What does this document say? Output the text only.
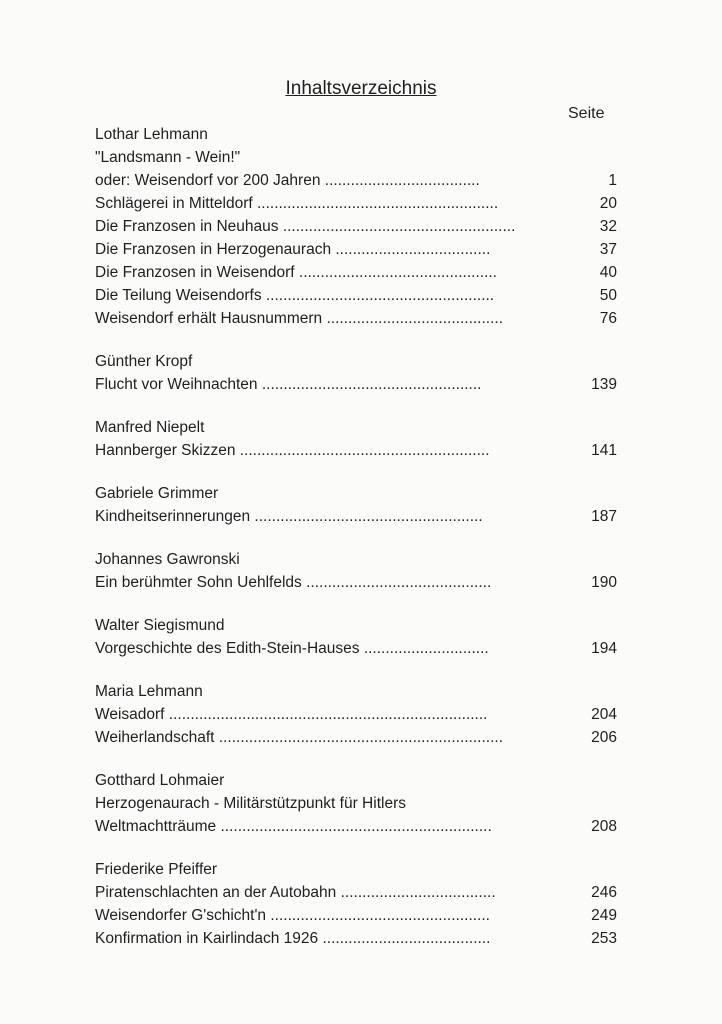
Inhaltsverzeichnis
Seite
Lothar Lehmann
"Landsmann - Wein!"
oder: Weisendorf vor 200 Jahren ....................................	1
Schlägerei in Mitteldorf ........................................................	20
Die Franzosen in Neuhaus ......................................................	32
Die Franzosen in Herzogenaurach ....................................	37
Die Franzosen in Weisendorf ..............................................	40
Die Teilung Weisendorfs .....................................................	50
Weisendorf erhält Hausnummern .........................................	76
Günther Kropf
Flucht vor Weihnachten ...................................................	139
Manfred Niepelt
Hannberger Skizzen ..........................................................	141
Gabriele Grimmer
Kindheitserinnerungen .....................................................	187
Johannes Gawronski
Ein berühmter Sohn Uehlfelds ...........................................	190
Walter Siegismund
Vorgeschichte des Edith-Stein-Hauses .............................	194
Maria Lehmann
Weisadorf ..........................................................................	204
Weiherlandschaft ..................................................................	206
Gotthard Lohmaier
Herzogenaurach - Militärstützpunkt für Hitlers
Weltmachtträume ...............................................................	208
Friederike Pfeiffer
Piratenschlachten an der Autobahn ....................................	246
Weisendorfer G'schicht'n ...................................................	249
Konfirmation in Kairlindach 1926 .......................................	253
